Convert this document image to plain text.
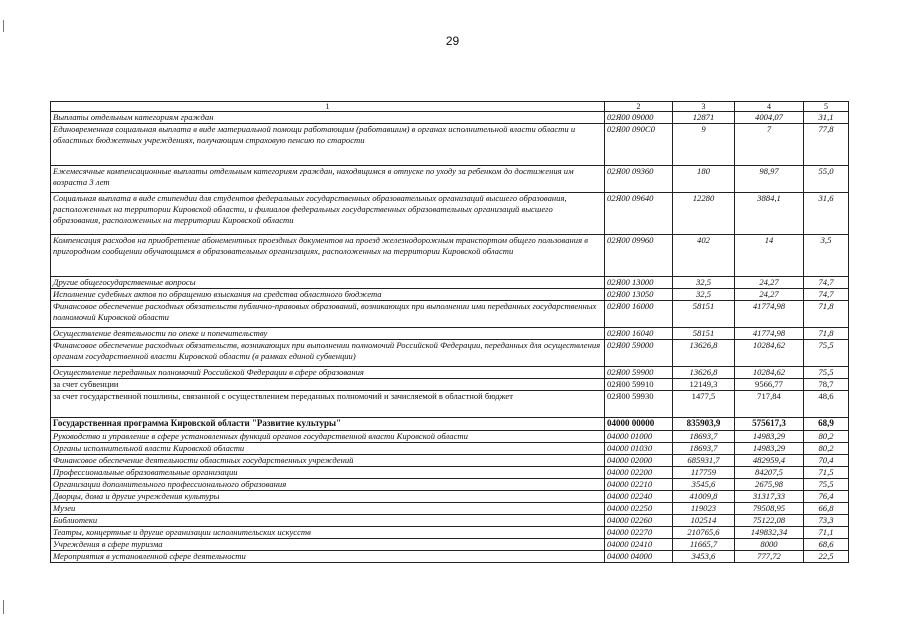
29
1	2	3	4	5
Выплаты отдельным категориям граждан	02Я00 09000	12871	4004,07	31,1
Единовременная социальная выплата в виде материальной помощи работающим (работавшим) в органах исполнительной власти области и областных бюджетных учреждениях, получающим страховую пенсию по старости	02Я00 090С0	9	7	77,8
Ежемесячные компенсационные выплаты отдельным категориям граждан, находящимся в отпуске по уходу за ребенком до достижения им возраста 3 лет	02Я00 09360	180	98,97	55,0
Социальная выплата в виде стипендии для студентов федеральных государственных образовательных организаций высшего образования, расположенных на территории Кировской области, и филиалов федеральных государственных образовательных организаций высшего образования, расположенных на территории Кировской области	02Я00 09640	12280	3884,1	31,6
Компенсация расходов на приобретение абонементных проездных документов на проезд железнодорожным транспортом общего пользования в пригородном сообщении обучающимся в образовательных организациях, расположенных на территории Кировской области	02Я00 09960	402	14	3,5
Другие общегосударственные вопросы	02Я00 13000	32,5	24,27	74,7
Исполнение судебных актов по обращению взыскания на средства областного бюджета	02Я00 13050	32,5	24,27	74,7
Финансовое обеспечение расходных обязательств публично-правовых образований, возникающих при выполнении ими переданных государственных полномочий Кировской области	02Я00 16000	58151	41774,98	71,8
Осуществление деятельности по опеке и попечительству	02Я00 16040	58151	41774,98	71,8
Финансовое обеспечение расходных обязательств, возникающих при выполнении полномочий Российской Федерации, переданных для осуществления органам государственной власти Кировской области (в рамках единой субвенции)	02Я00 59000	13626,8	10284,62	75,5
Осуществление переданных полномочий Российской Федерации в сфере образования	02Я00 59900	13626,8	10284,62	75,5
за счет субвенции	02Я00 59910	12149,3	9566,77	78,7
за счет государственной пошлины, связанной с осуществлением переданных полномочий и зачисляемой в областной бюджет	02Я00 59930	1477,5	717,84	48,6
Государственная программа Кировской области "Развитие культуры"	04000 00000	835903,9	575617,3	68,9
Руководство и управление в сфере установленных функций органов государственной власти Кировской области	04000 01000	18693,7	14983,29	80,2
Органы исполнительной власти Кировской области	04000 01030	18693,7	14983,29	80,2
Финансовое обеспечение деятельности областных государственных учреждений	04000 02000	685931,7	482959,4	70,4
Профессиональные образовательные организации	04000 02200	117759	84207,5	71,5
Организации дополнительного профессионального образования	04000 02210	3545,6	2675,98	75,5
Дворцы, дома и другие учреждения культуры	04000 02240	41009,8	31317,33	76,4
Музеи	04000 02250	119023	79508,95	66,8
Библиотеки	04000 02260	102514	75122,08	73,3
Театры, концертные и другие организации исполнительских искусств	04000 02270	210765,6	149832,34	71,1
Учреждения в сфере туризма	04000 02410	11665,7	8000	68,6
Мероприятия в установленной сфере деятельности	04000 04000	3453,6	777,72	22,5
